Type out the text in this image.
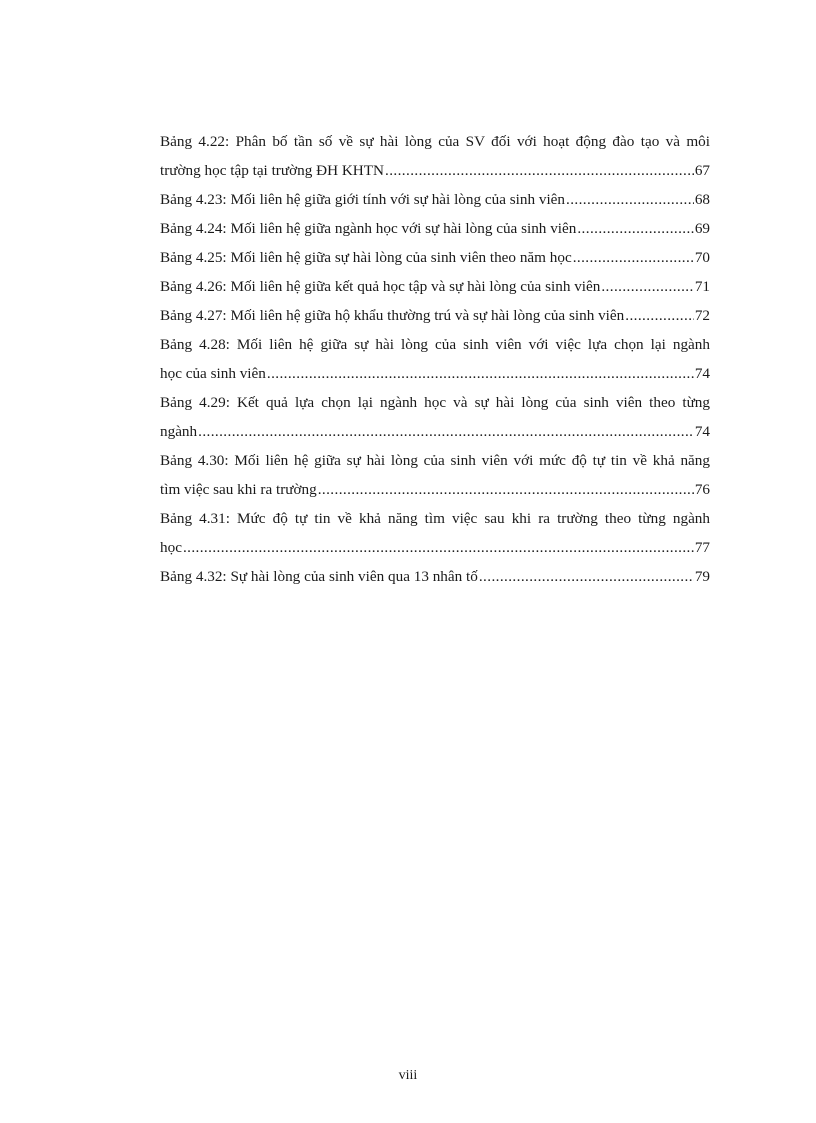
Bảng 4.22: Phân bố tần số về sự hài lòng của SV đối với hoạt động đào tạo và môi
trường học tập tại trường ĐH KHTN .....	67
Bảng 4.23: Mối liên hệ giữa giới tính với sự hài lòng của sinh viên .....	68
Bảng 4.24: Mối liên hệ giữa ngành học với sự hài lòng của sinh viên .....	69
Bảng 4.25: Mối liên hệ giữa sự hài lòng của sinh viên theo năm học .....	70
Bảng 4.26: Mối liên hệ giữa kết quả học tập và sự hài lòng của sinh viên .....	71
Bảng 4.27: Mối liên hệ giữa hộ khẩu thường trú và sự hài lòng của sinh viên .....	72
Bảng 4.28: Mối liên hệ giữa sự hài lòng của sinh viên với việc lựa chọn lại ngành
học của sinh viên .....	74
Bảng 4.29: Kết quả lựa chọn lại ngành học và sự hài lòng của sinh viên theo từng
ngành .....	74
Bảng 4.30: Mối liên hệ giữa sự hài lòng của sinh viên với mức độ tự tin về khả năng
tìm việc sau khi ra trường .....	76
Bảng 4.31: Mức độ tự tin về khả năng tìm việc sau khi ra trường theo từng ngành
học .....	77
Bảng 4.32: Sự hài lòng của sinh viên qua 13 nhân tố .....	79
viii
